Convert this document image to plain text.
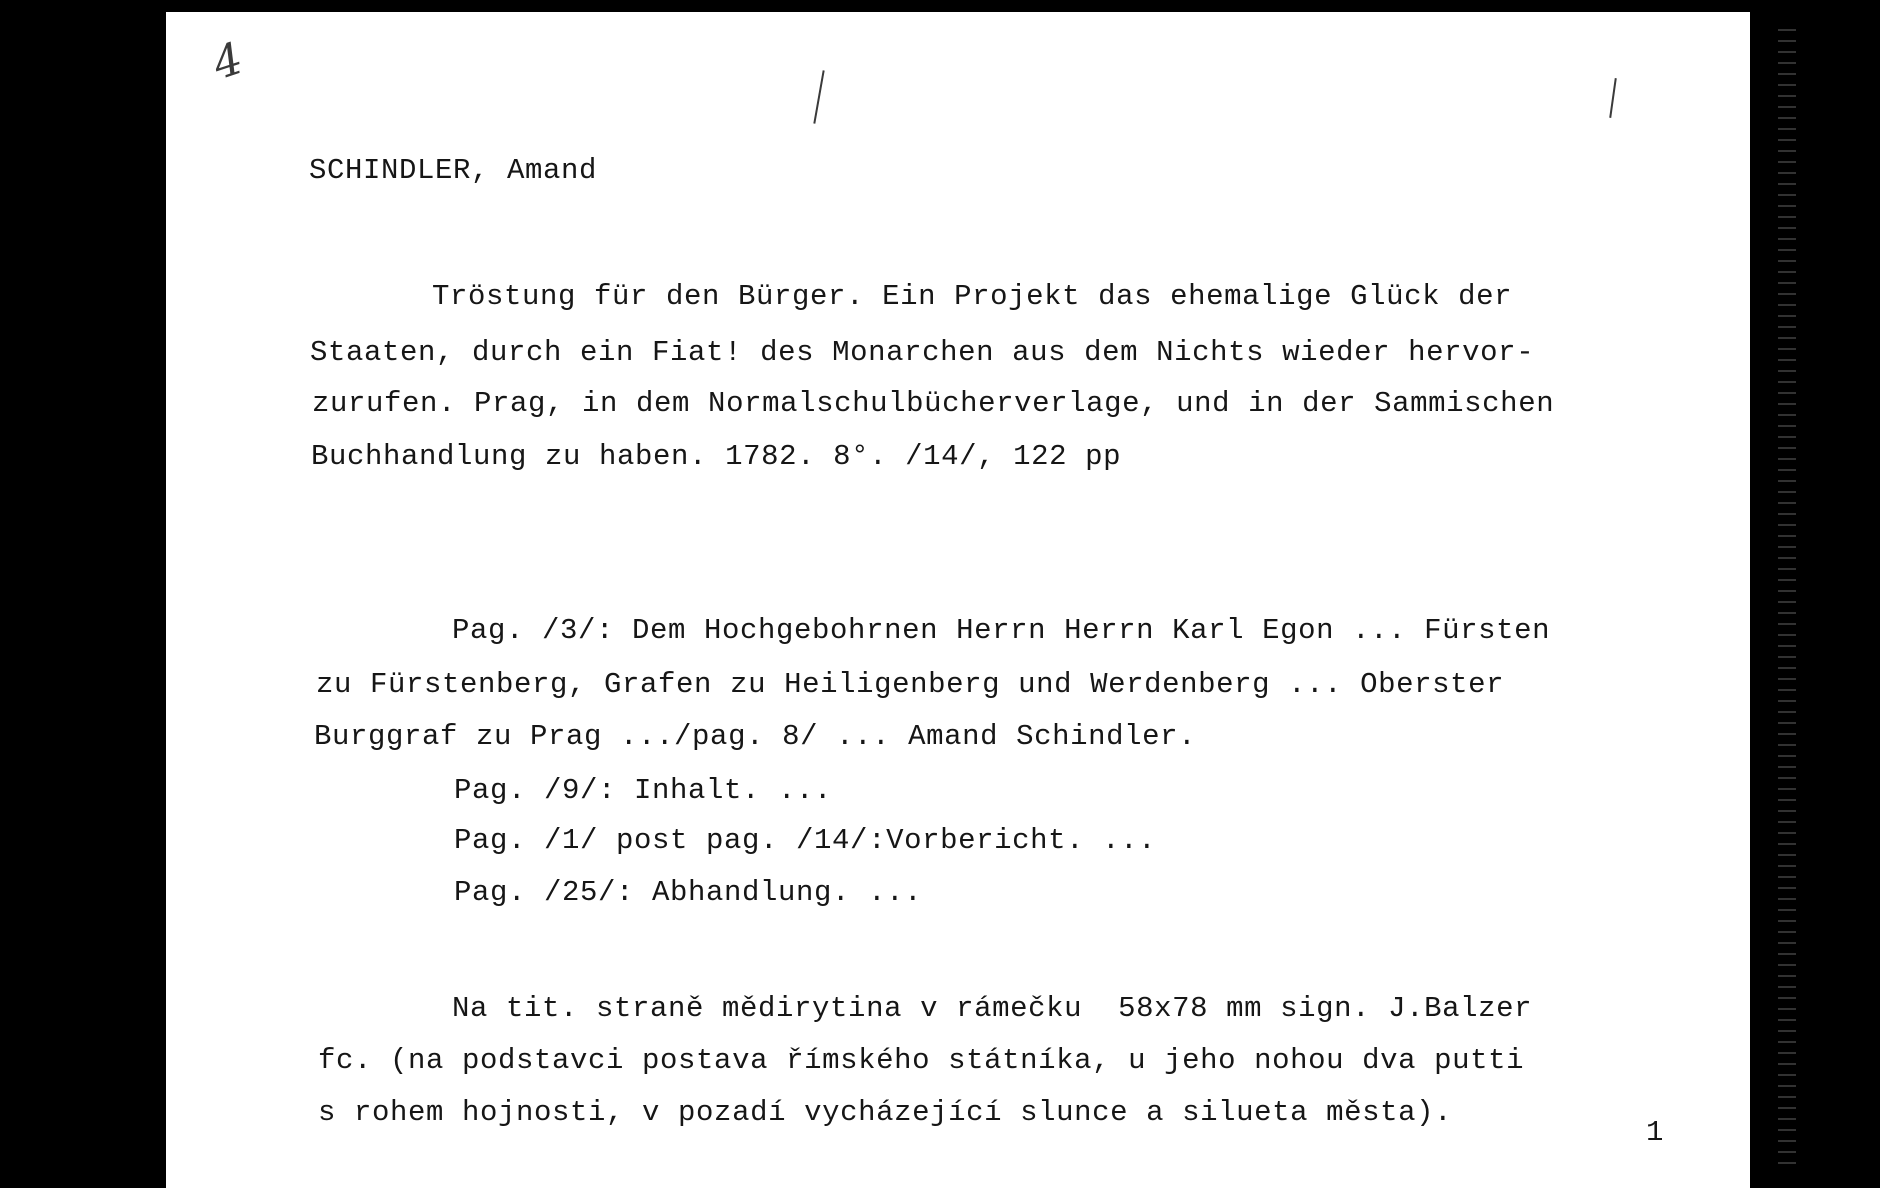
4
SCHINDLER, Amand
Tröstung für den Bürger. Ein Projekt das ehemalige Glück der
Staaten, durch ein Fiat! des Monarchen aus dem Nichts wieder hervor-
zurufen. Prag, in dem Normalschulbücherverlage, und in der Sammischen
Buchhandlung zu haben. 1782. 8°. /14/, 122 pp
Pag. /3/: Dem Hochgebohrnen Herrn Herrn Karl Egon ... Fürsten
zu Fürstenberg, Grafen zu Heiligenberg und Werdenberg ... Oberster
Burggraf zu Prag .../pag. 8/ ... Amand Schindler.
Pag. /9/: Inhalt. ...
Pag. /1/ post pag. /14/:Vorbericht. ...
Pag. /25/: Abhandlung. ...
Na tit. straně mědirytina v rámečku  58x78 mm sign. J.Balzer
fc. (na podstavci postava římského státníka, u jeho nohou dva putti
s rohem hojnosti, v pozadí vycházející slunce a silueta města).
1
